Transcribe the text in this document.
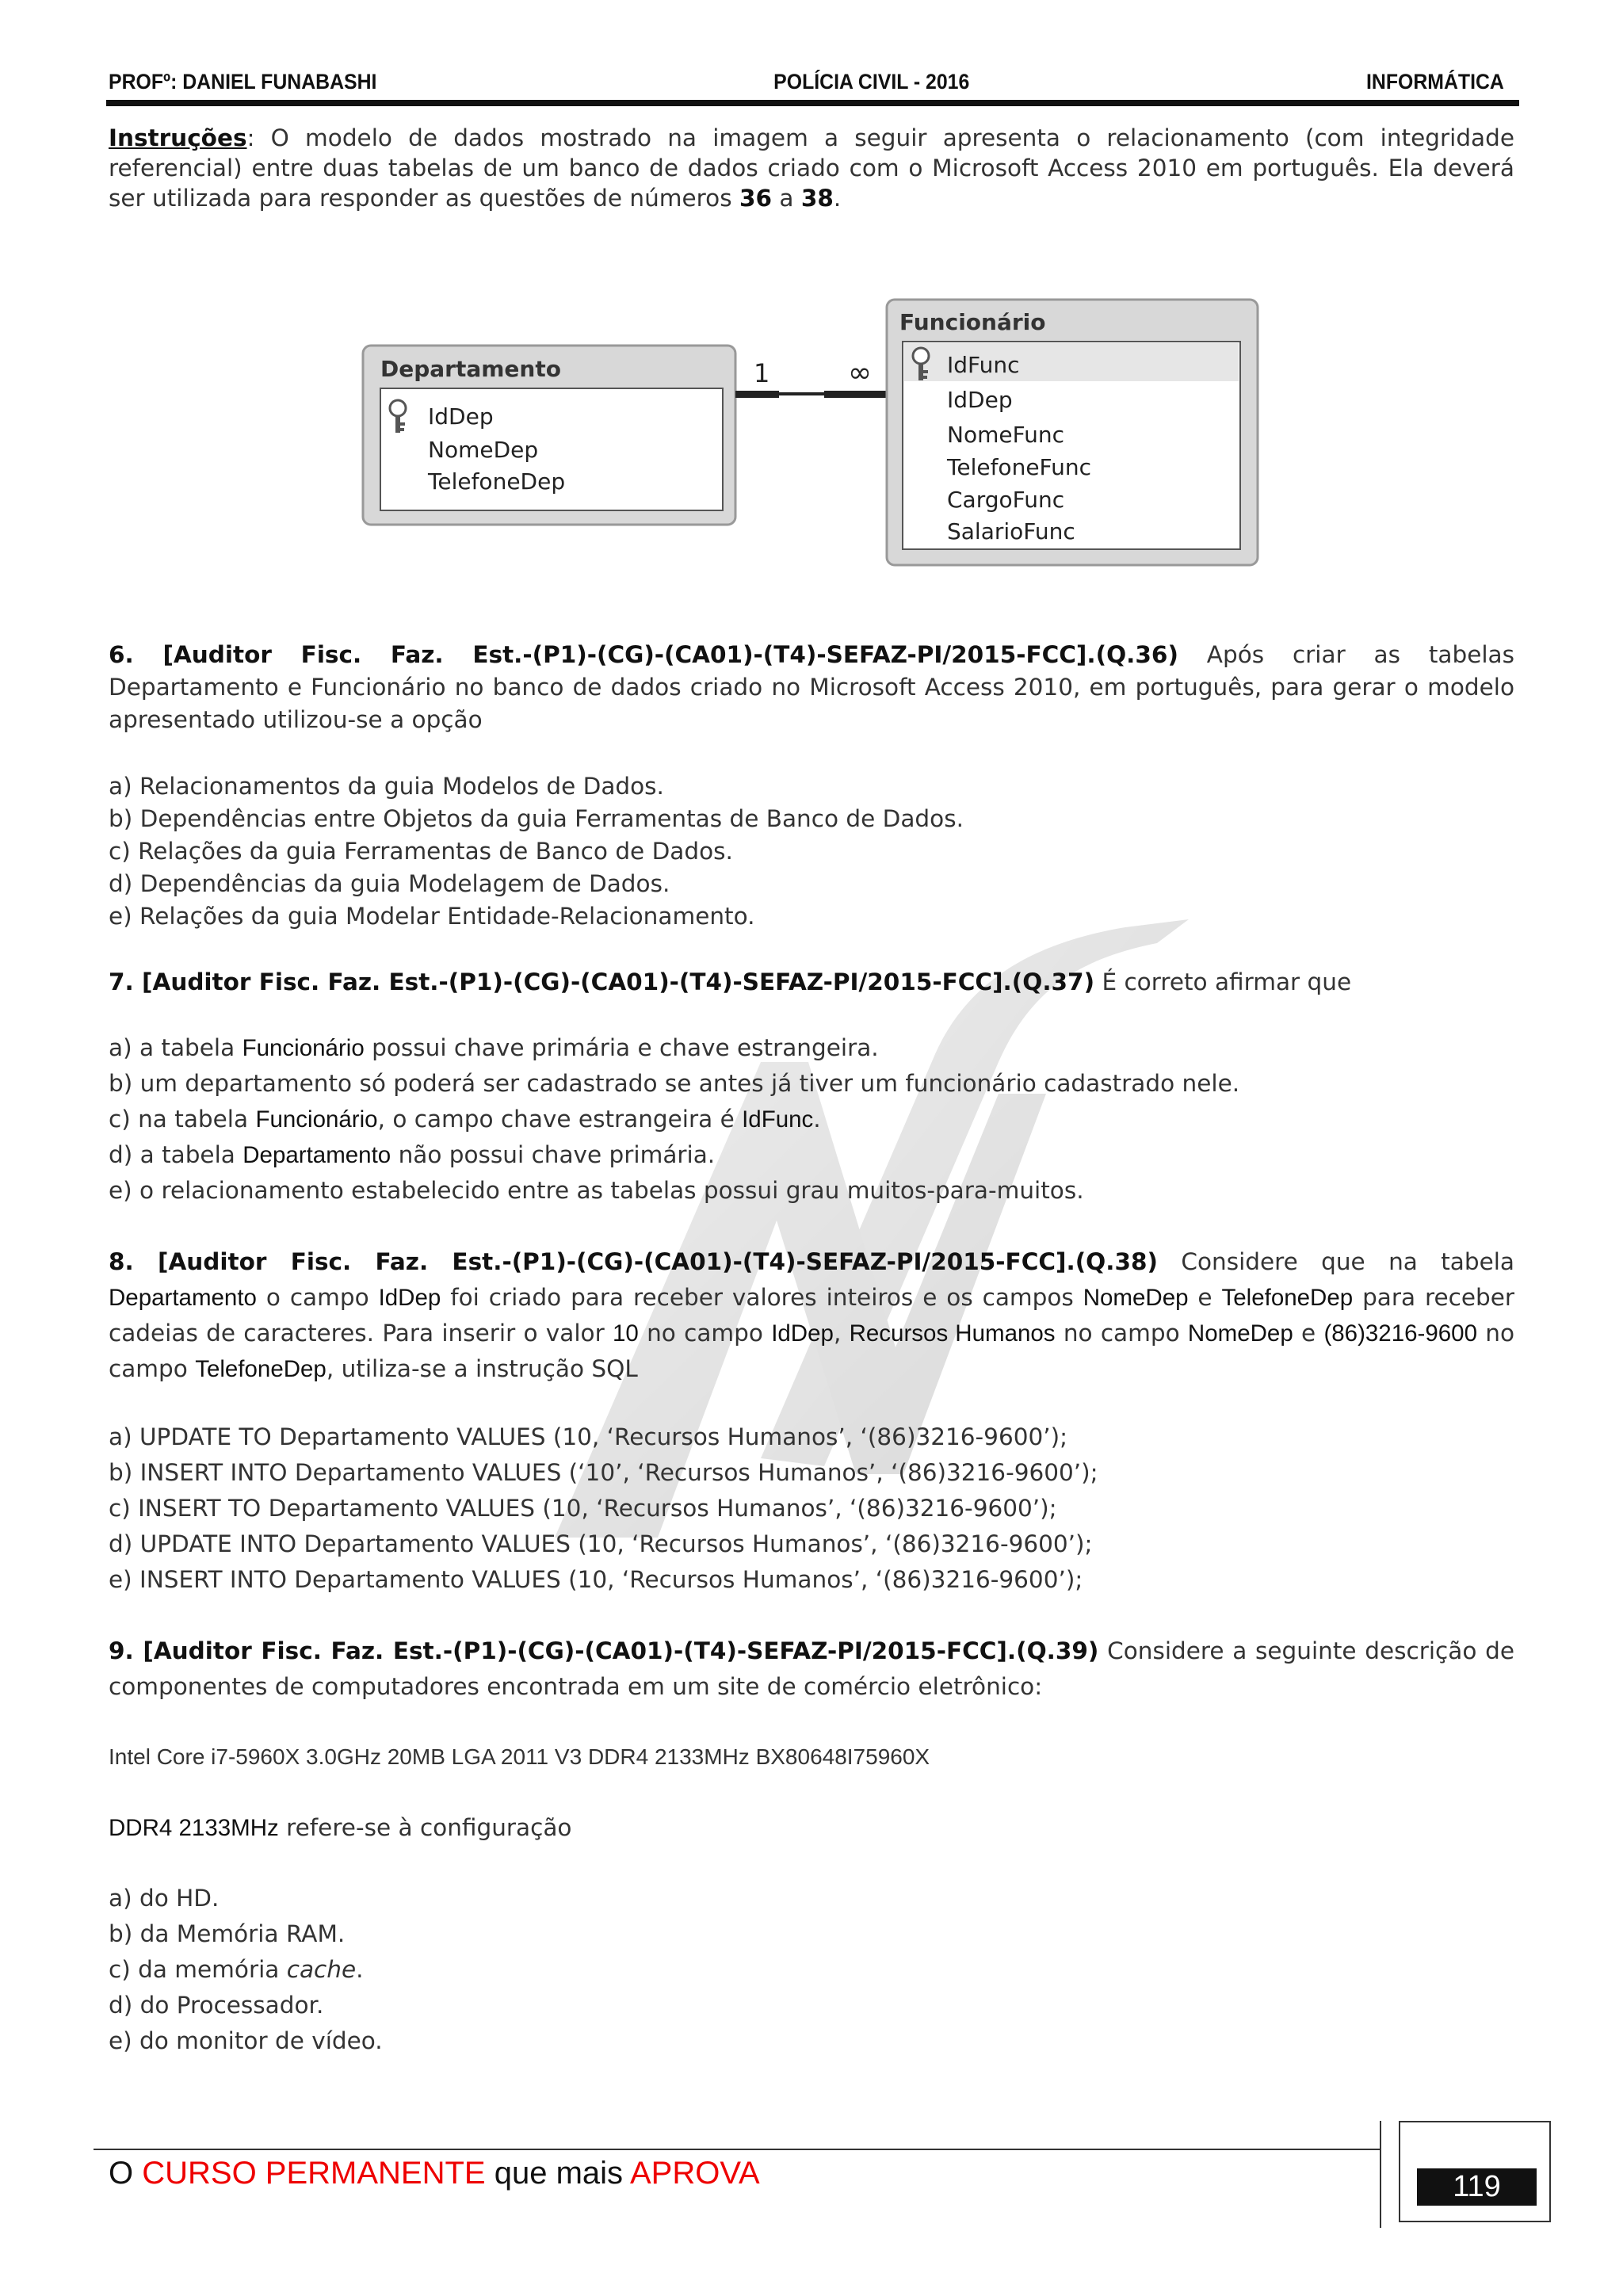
PROFº: DANIEL FUNABASHI	POLÍCIA CIVIL - 2016	INFORMÁTICA
Instruções: O modelo de dados mostrado na imagem a seguir apresenta o relacionamento (com integridade referencial) entre duas tabelas de um banco de dados criado com o Microsoft Access 2010 em português. Ela deverá ser utilizada para responder as questões de números 36 a 38.
Departamento
IdDep
NomeDep
TelefoneDep
1	∞
Funcionário
IdFunc
IdDep
NomeFunc
TelefoneFunc
CargoFunc
SalarioFunc
6. [Auditor Fisc. Faz. Est.-(P1)-(CG)-(CA01)-(T4)-SEFAZ-PI/2015-FCC].(Q.36) Após criar as tabelas Departamento e Funcionário no banco de dados criado no Microsoft Access 2010, em português, para gerar o modelo apresentado utilizou-se a opção
a) Relacionamentos da guia Modelos de Dados.
b) Dependências entre Objetos da guia Ferramentas de Banco de Dados.
c) Relações da guia Ferramentas de Banco de Dados.
d) Dependências da guia Modelagem de Dados.
e) Relações da guia Modelar Entidade-Relacionamento.
7. [Auditor Fisc. Faz. Est.-(P1)-(CG)-(CA01)-(T4)-SEFAZ-PI/2015-FCC].(Q.37) É correto afirmar que
a) a tabela Funcionário possui chave primária e chave estrangeira.
b) um departamento só poderá ser cadastrado se antes já tiver um funcionário cadastrado nele.
c) na tabela Funcionário, o campo chave estrangeira é IdFunc.
d) a tabela Departamento não possui chave primária.
e) o relacionamento estabelecido entre as tabelas possui grau muitos-para-muitos.
8. [Auditor Fisc. Faz. Est.-(P1)-(CG)-(CA01)-(T4)-SEFAZ-PI/2015-FCC].(Q.38) Considere que na tabela Departamento o campo IdDep foi criado para receber valores inteiros e os campos NomeDep e TelefoneDep para receber cadeias de caracteres. Para inserir o valor 10 no campo IdDep, Recursos Humanos no campo NomeDep e (86)3216-9600 no campo TelefoneDep, utiliza-se a instrução SQL
a) UPDATE TO Departamento VALUES (10, ‘Recursos Humanos’, ‘(86)3216-9600’);
b) INSERT INTO Departamento VALUES (‘10’, ‘Recursos Humanos’, ‘(86)3216-9600’);
c) INSERT TO Departamento VALUES (10, ‘Recursos Humanos’, ‘(86)3216-9600’);
d) UPDATE INTO Departamento VALUES (10, ‘Recursos Humanos’, ‘(86)3216-9600’);
e) INSERT INTO Departamento VALUES (10, ‘Recursos Humanos’, ‘(86)3216-9600’);
9. [Auditor Fisc. Faz. Est.-(P1)-(CG)-(CA01)-(T4)-SEFAZ-PI/2015-FCC].(Q.39) Considere a seguinte descrição de componentes de computadores encontrada em um site de comércio eletrônico:
Intel Core i7-5960X 3.0GHz 20MB LGA 2011 V3 DDR4 2133MHz BX80648I75960X
DDR4 2133MHz refere-se à configuração
a) do HD.
b) da Memória RAM.
c) da memória cache.
d) do Processador.
e) do monitor de vídeo.
O CURSO PERMANENTE que mais APROVA	119
